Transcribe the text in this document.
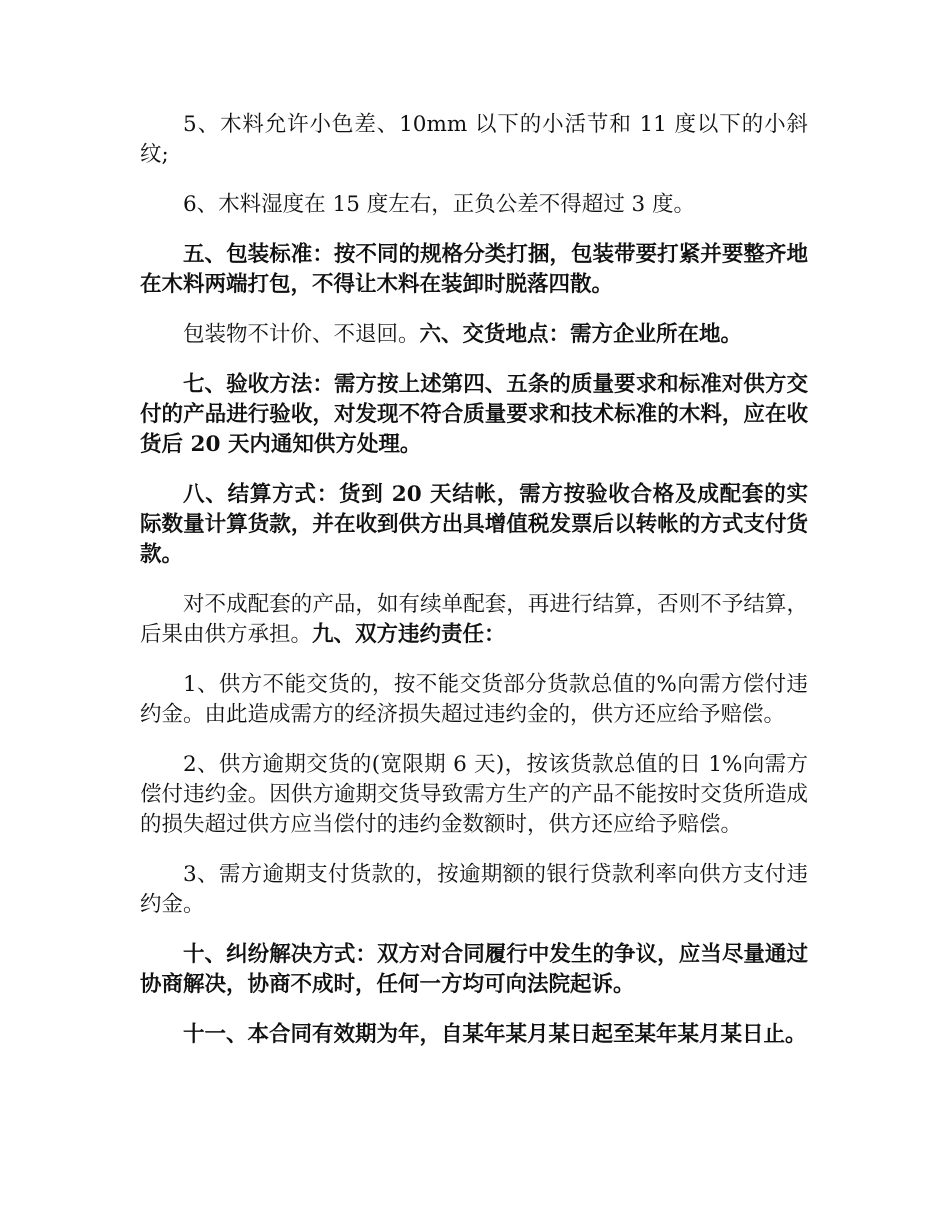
5、木料允许小色差、10mm 以下的小活节和 11 度以下的小斜纹;

6、木料湿度在 15 度左右，正负公差不得超过 3 度。

五、包装标准：按不同的规格分类打捆，包装带要打紧并要整齐地在木料两端打包，不得让木料在装卸时脱落四散。

包装物不计价、不退回。六、交货地点：需方企业所在地。

七、验收方法：需方按上述第四、五条的质量要求和标准对供方交付的产品进行验收，对发现不符合质量要求和技术标准的木料，应在收货后 20 天内通知供方处理。

八、结算方式：货到 20 天结帐，需方按验收合格及成配套的实际数量计算货款，并在收到供方出具增值税发票后以转帐的方式支付货款。

对不成配套的产品，如有续单配套，再进行结算，否则不予结算，后果由供方承担。九、双方违约责任：

1、供方不能交货的，按不能交货部分货款总值的%向需方偿付违约金。由此造成需方的经济损失超过违约金的，供方还应给予赔偿。

2、供方逾期交货的(宽限期 6 天)，按该货款总值的日 1%向需方偿付违约金。因供方逾期交货导致需方生产的产品不能按时交货所造成的损失超过供方应当偿付的违约金数额时，供方还应给予赔偿。

3、需方逾期支付货款的，按逾期额的银行贷款利率向供方支付违约金。

十、纠纷解决方式：双方对合同履行中发生的争议，应当尽量通过协商解决，协商不成时，任何一方均可向法院起诉。

十一、本合同有效期为年，自某年某月某日起至某年某月某日止。
